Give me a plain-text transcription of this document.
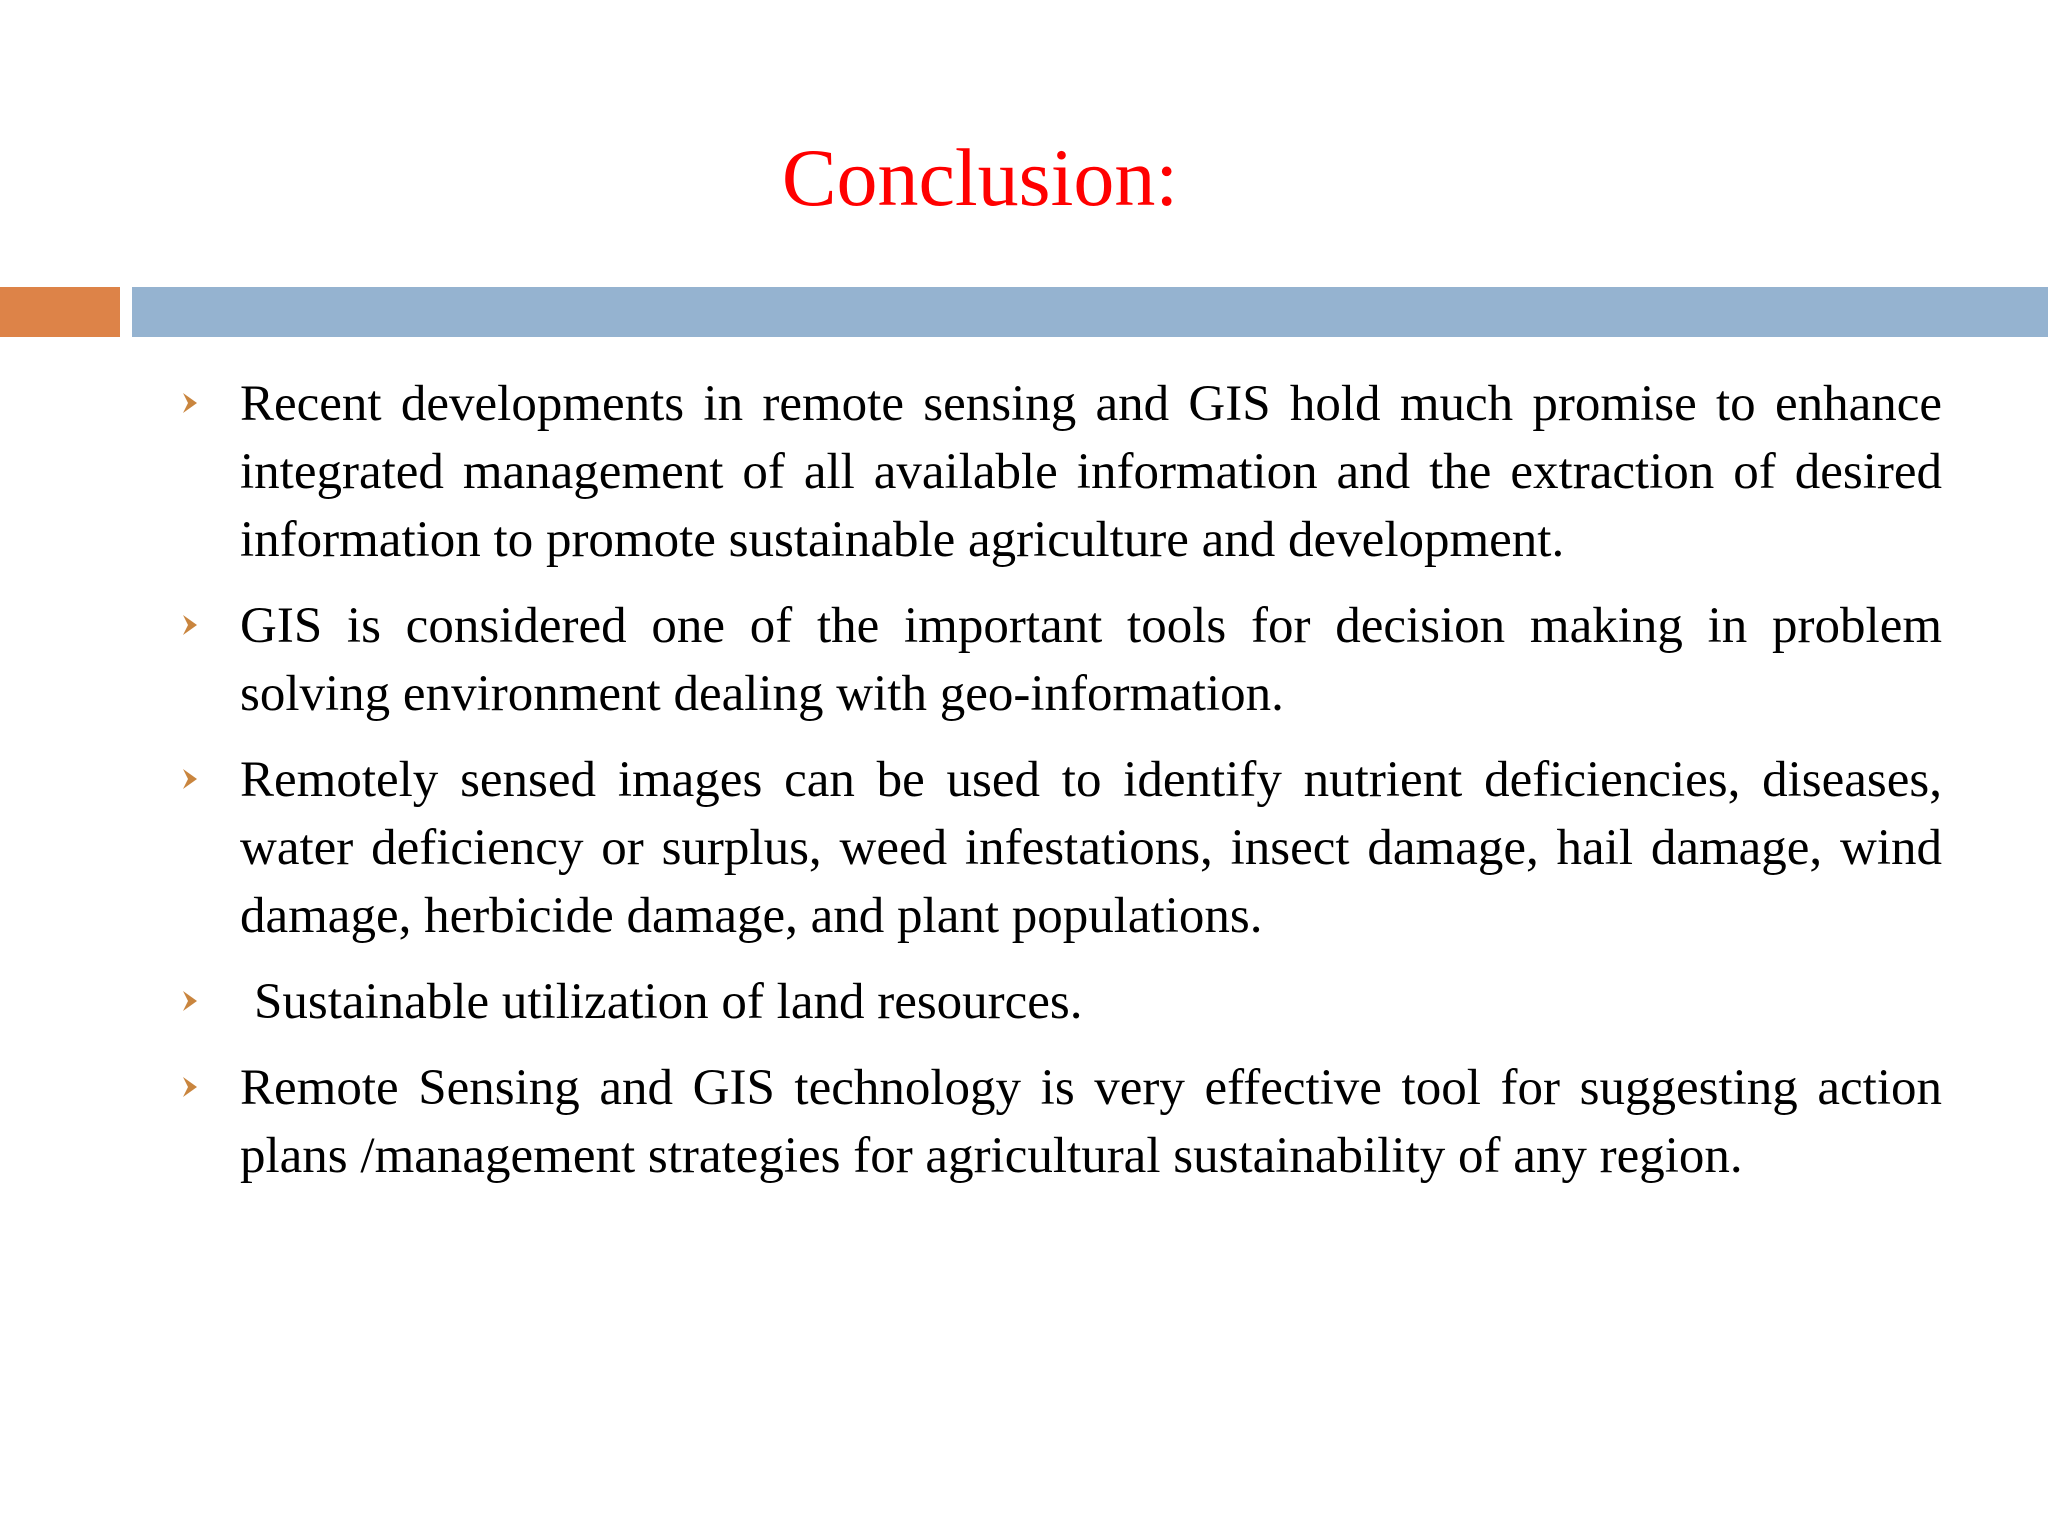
Conclusion:
Recent developments in remote sensing and GIS hold much promise to enhance integrated management of all available information and the extraction of desired information to promote sustainable agriculture and development.
GIS is considered one of the important tools for decision making in problem solving environment dealing with geo-information.
Remotely sensed images can be used to identify nutrient deficiencies, diseases, water deficiency or surplus, weed infestations, insect damage, hail damage, wind damage, herbicide damage, and plant populations.
Sustainable utilization of land resources.
Remote Sensing and GIS technology is very effective tool for suggesting action plans /management strategies for agricultural sustainability of any region.
